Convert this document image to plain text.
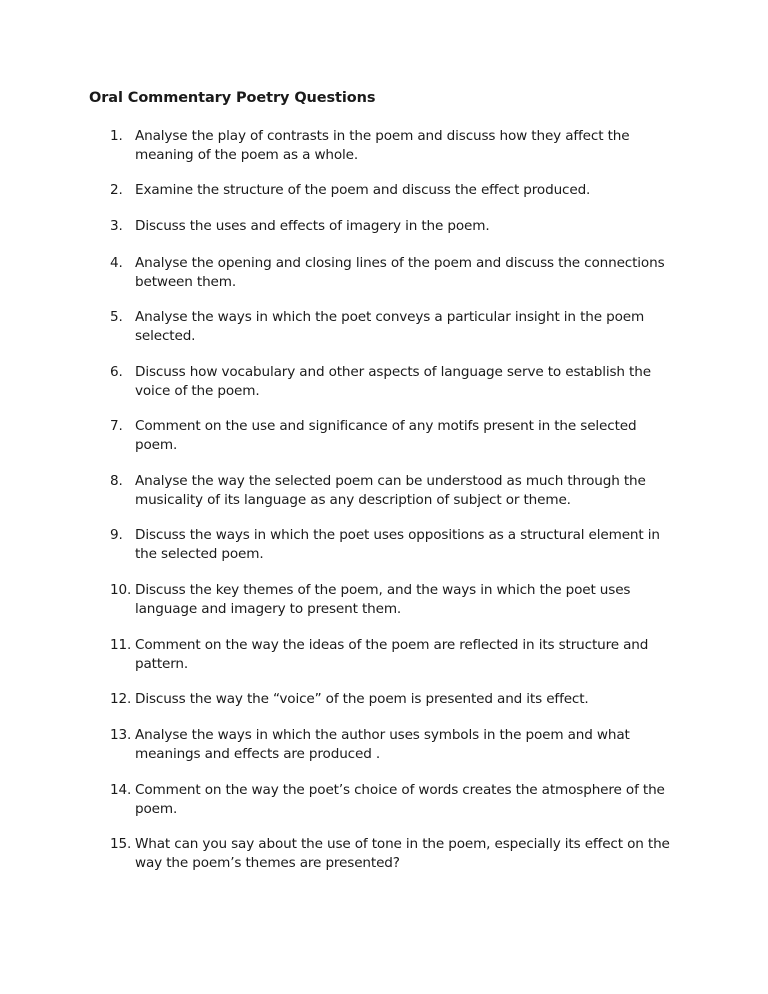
Oral Commentary Poetry Questions
1. Analyse the play of contrasts in the poem and discuss how they affect the meaning of the poem as a whole.
2. Examine the structure of the poem and discuss the effect produced.
3. Discuss the uses and effects of imagery in the poem.
4. Analyse the opening and closing lines of the poem and discuss the connections between them.
5. Analyse the ways in which the poet conveys a particular insight in the poem selected.
6. Discuss how vocabulary and other aspects of language serve to establish the voice of the poem.
7. Comment on the use and significance of any motifs present in the selected poem.
8. Analyse the way the selected poem can be understood as much through the musicality of its language as any description of subject or theme.
9. Discuss the ways in which the poet uses oppositions as a structural element in the selected poem.
10. Discuss the key themes of the poem, and the ways in which the poet uses language and imagery to present them.
11. Comment on the way the ideas of the poem are reflected in its structure and pattern.
12. Discuss the way the “voice” of the poem is presented and its effect.
13. Analyse the ways in which the author uses symbols in the poem and what meanings and effects are produced .
14. Comment on the way the poet’s choice of words creates the atmosphere of the poem.
15. What can you say about the use of tone in the poem, especially its effect on the way the poem’s themes are presented?
